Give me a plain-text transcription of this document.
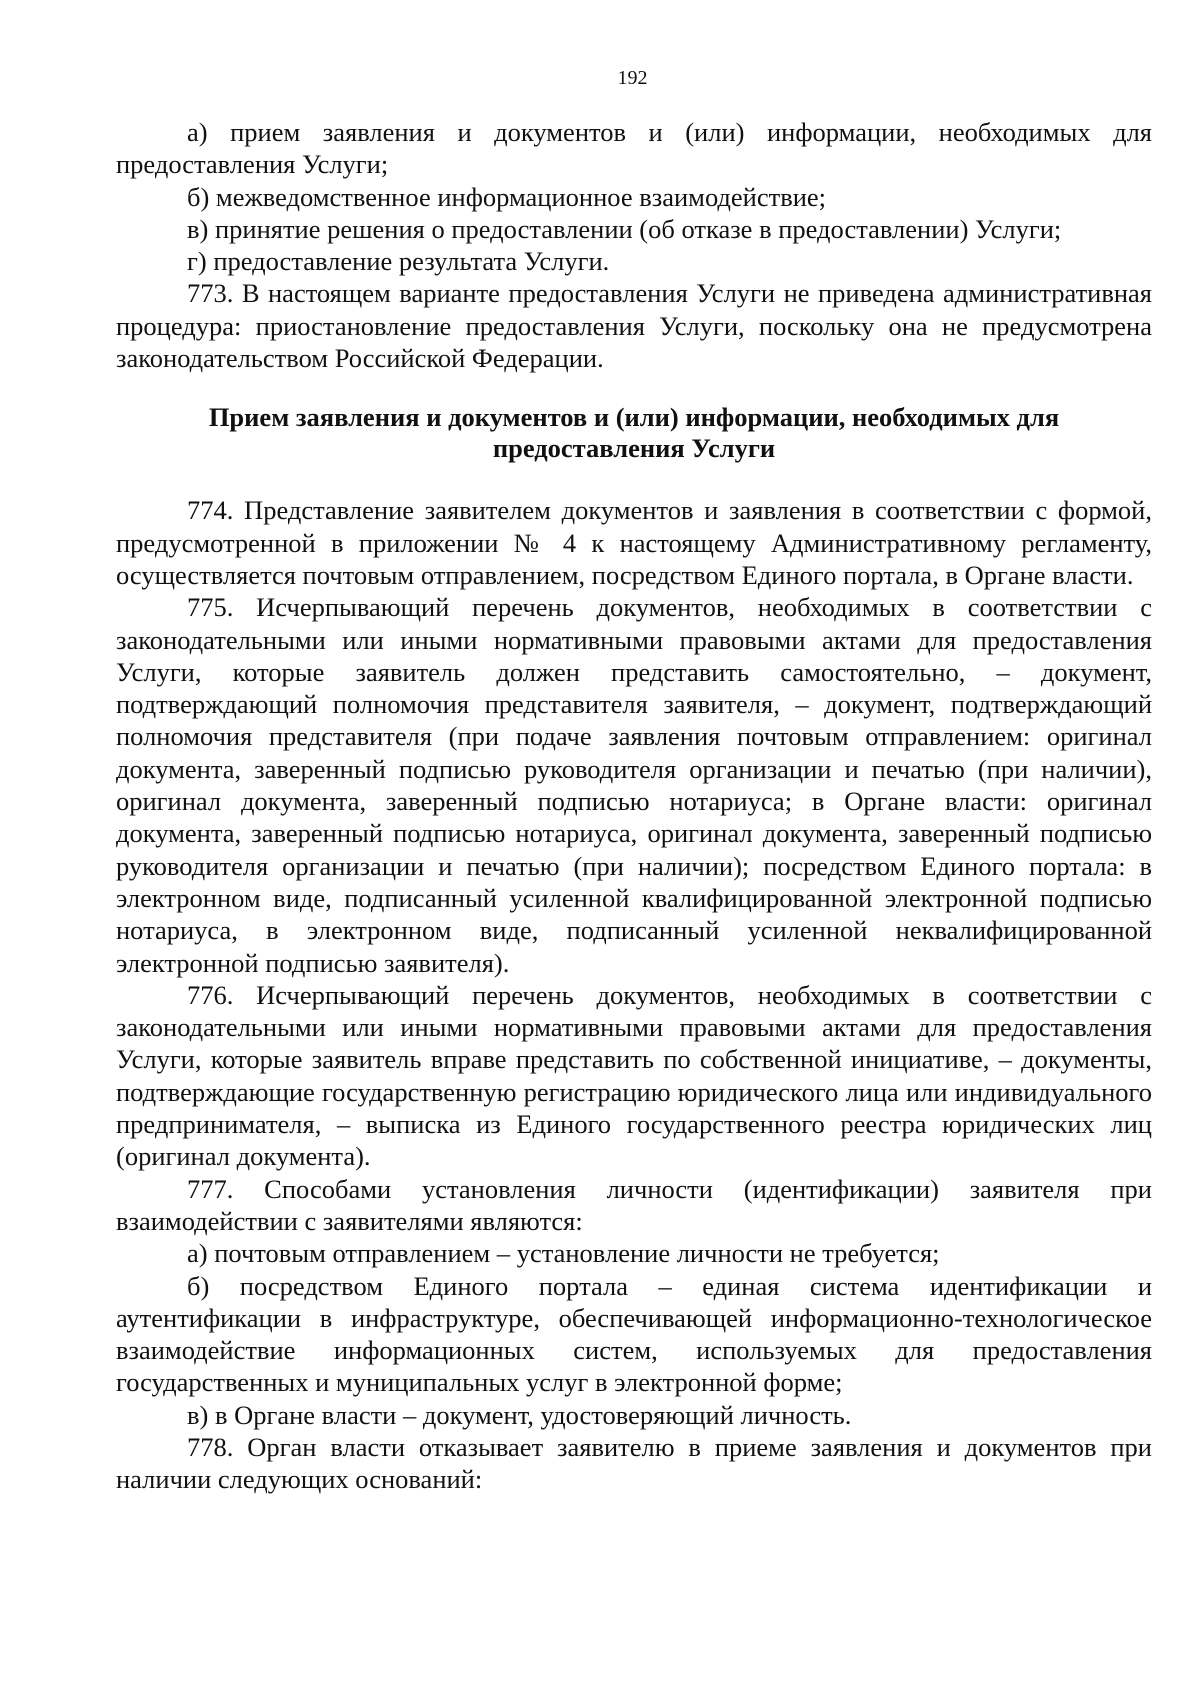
192

а) прием заявления и документов и (или) информации, необходимых для предоставления Услуги;

б) межведомственное информационное взаимодействие;

в) принятие решения о предоставлении (об отказе в предоставлении) Услуги;

г) предоставление результата Услуги.

773. В настоящем варианте предоставления Услуги не приведена административная процедура: приостановление предоставления Услуги, поскольку она не предусмотрена законодательством Российской Федерации.

Прием заявления и документов и (или) информации, необходимых для предоставления Услуги

774. Представление заявителем документов и заявления в соответствии с формой, предусмотренной в приложении № 4 к настоящему Административному регламенту, осуществляется почтовым отправлением, посредством Единого портала, в Органе власти.

775. Исчерпывающий перечень документов, необходимых в соответствии с законодательными или иными нормативными правовыми актами для предоставления Услуги, которые заявитель должен представить самостоятельно, – документ, подтверждающий полномочия представителя заявителя, – документ, подтверждающий полномочия представителя (при подаче заявления почтовым отправлением: оригинал документа, заверенный подписью руководителя организации и печатью (при наличии), оригинал документа, заверенный подписью нотариуса; в Органе власти: оригинал документа, заверенный подписью нотариуса, оригинал документа, заверенный подписью руководителя организации и печатью (при наличии); посредством Единого портала: в электронном виде, подписанный усиленной квалифицированной электронной подписью нотариуса, в электронном виде, подписанный усиленной неквалифицированной электронной подписью заявителя).

776. Исчерпывающий перечень документов, необходимых в соответствии с законодательными или иными нормативными правовыми актами для предоставления Услуги, которые заявитель вправе представить по собственной инициативе, – документы, подтверждающие государственную регистрацию юридического лица или индивидуального предпринимателя, – выписка из Единого государственного реестра юридических лиц (оригинал документа).

777. Способами установления личности (идентификации) заявителя при взаимодействии с заявителями являются:

а) почтовым отправлением – установление личности не требуется;

б) посредством Единого портала – единая система идентификации и аутентификации в инфраструктуре, обеспечивающей информационно-технологическое взаимодействие информационных систем, используемых для предоставления государственных и муниципальных услуг в электронной форме;

в) в Органе власти – документ, удостоверяющий личность.

778. Орган власти отказывает заявителю в приеме заявления и документов при наличии следующих оснований:
